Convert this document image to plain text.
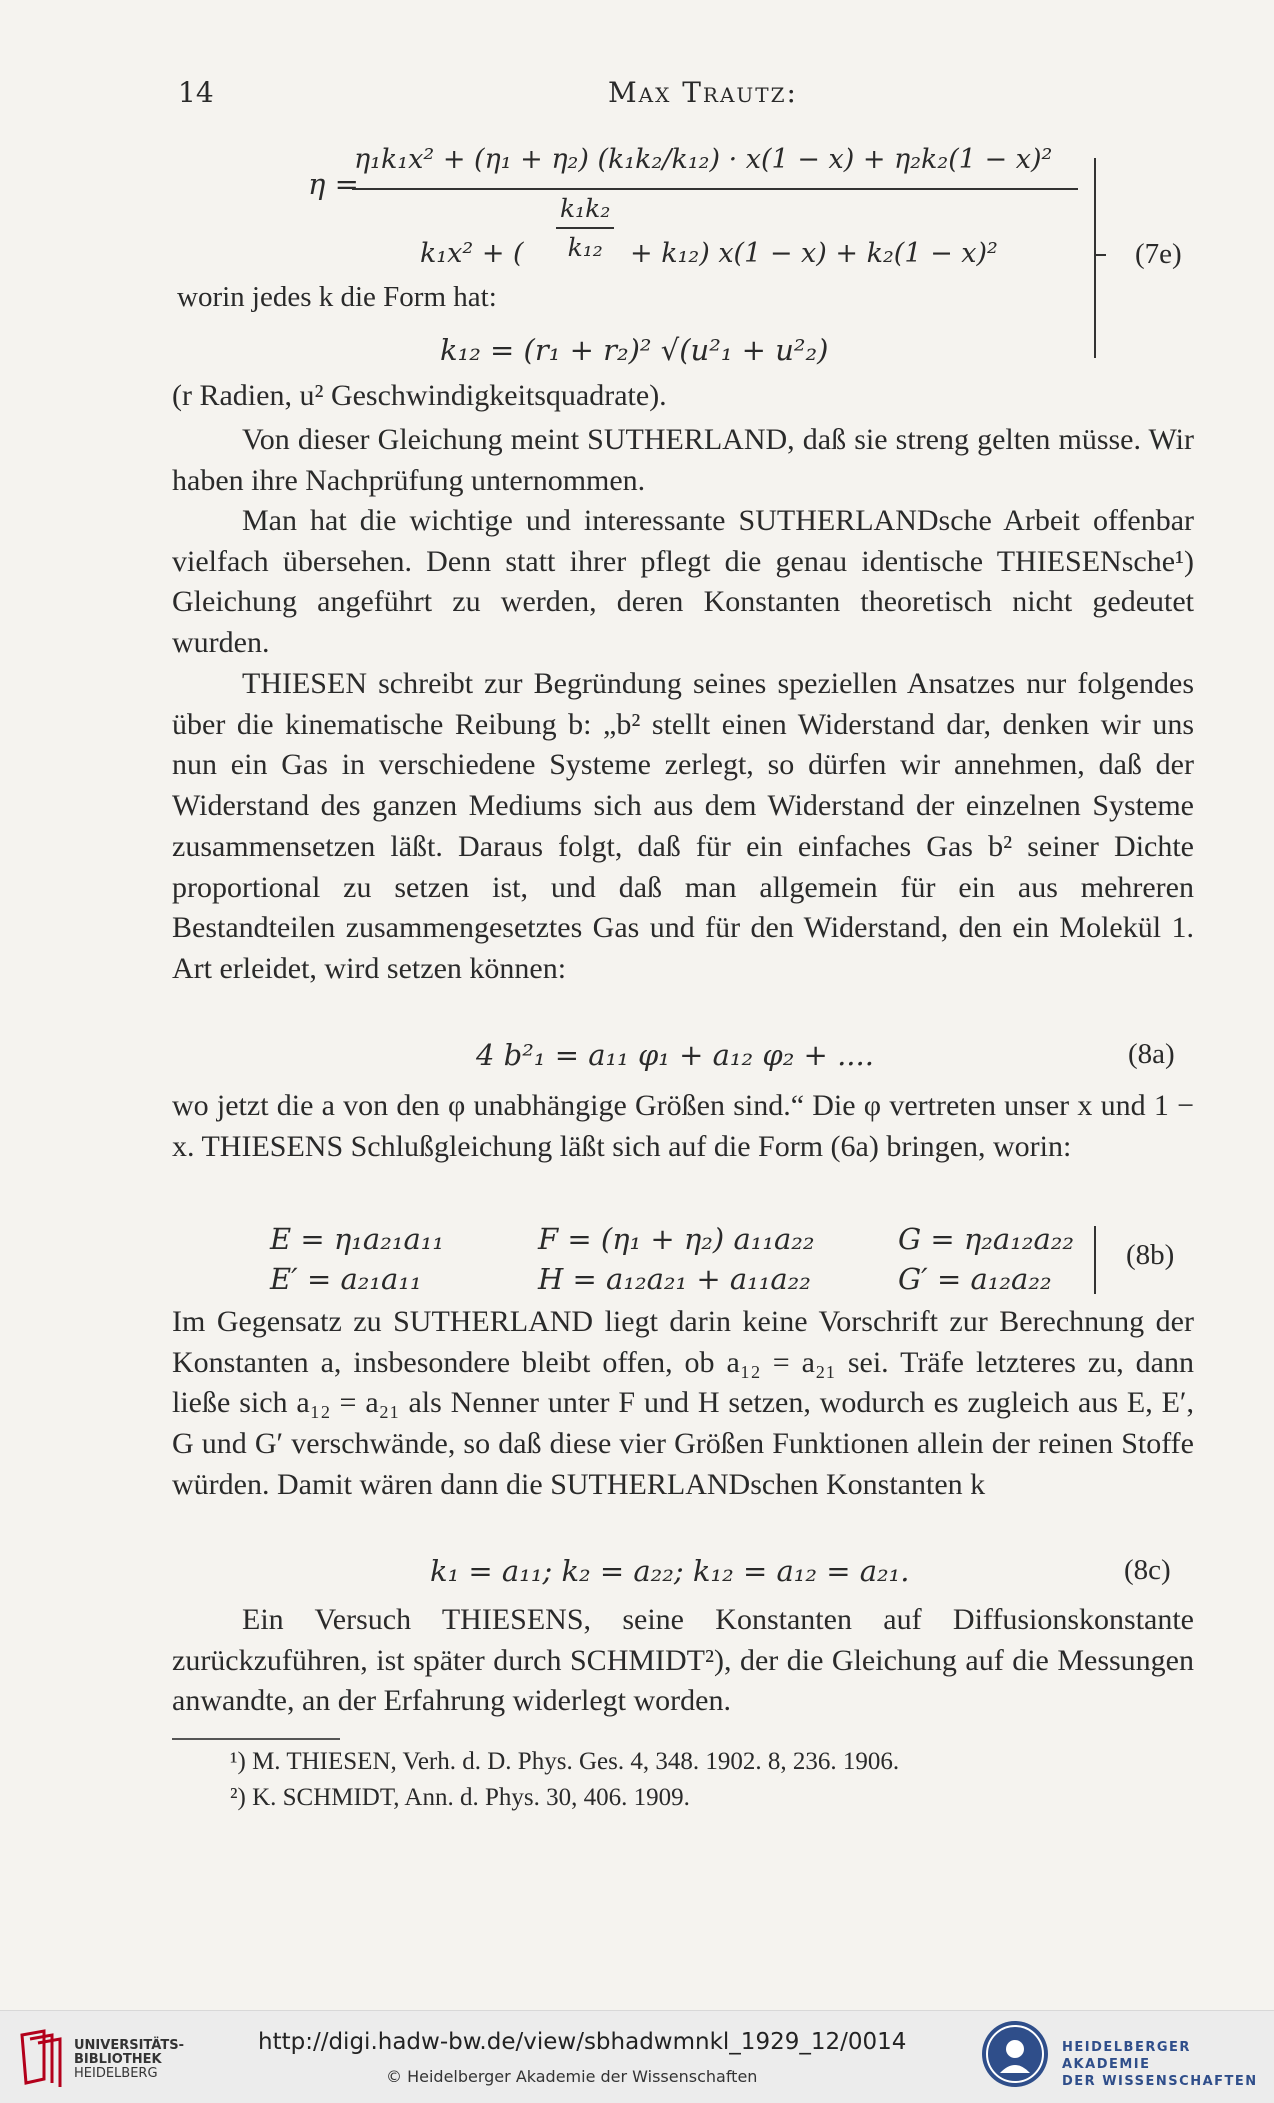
14	Max Trautz:
η =
η₁k₁x² + (η₁ + η₂) (k₁k₂/k₁₂) · x(1 − x) + η₂k₂(1 − x)²
k₁x² + ( $\frac{\text{k₁k₂}}{\text{k₁₂}} + k_{12}$) x(1 − x) + k₂(1 − x)²
worin jedes k die Form hat:
k₁₂ = (r₁ + r₂)² √(u²₁ + u²₂)
(7e)

(r Radien, u² Geschwindigkeitsquadrate).

Von dieser Gleichung meint SUTHERLAND, daß sie streng gelten müsse. Wir haben ihre Nachprüfung unternommen.

Man hat die wichtige und interessante SUTHERLANDsche Arbeit offenbar vielfach übersehen. Denn statt ihrer pflegt die genau identische THIESENsche¹) Gleichung angeführt zu werden, deren Konstanten theoretisch nicht gedeutet wurden.

THIESEN schreibt zur Begründung seines speziellen Ansatzes nur folgendes über die kinematische Reibung b: „b² stellt einen Widerstand dar, denken wir uns nun ein Gas in verschiedene Systeme zerlegt, so dürfen wir annehmen, daß der Widerstand des ganzen Mediums sich aus dem Widerstand der einzelnen Systeme zusammensetzen läßt. Daraus folgt, daß für ein einfaches Gas b² seiner Dichte proportional zu setzen ist, und daß man allgemein für ein aus mehreren Bestandteilen zusammengesetztes Gas und für den Widerstand, den ein Molekül 1. Art erleidet, wird setzen können:

4 b²₁ = a₁₁ φ₁ + a₁₂ φ₂ + ....	(8a)

wo jetzt die a von den φ unabhängige Größen sind.“ Die φ vertreten unser x und 1 − x. THIESENS Schlußgleichung läßt sich auf die Form (6a) bringen, worin:

E = η₁a₂₁a₁₁	F = (η₁ + η₂) a₁₁a₂₂	G = η₂a₁₂a₂₂
E′ = a₂₁a₁₁	H = a₁₂a₂₁ + a₁₁a₂₂	G′ = a₁₂a₂₂
(8b)

Im Gegensatz zu SUTHERLAND liegt darin keine Vorschrift zur Berechnung der Konstanten a, insbesondere bleibt offen, ob a₁₂ = a₂₁ sei. Träfe letzteres zu, dann ließe sich a₁₂ = a₂₁ als Nenner unter F und H setzen, wodurch es zugleich aus E, E′, G und G′ verschwände, so daß diese vier Größen Funktionen allein der reinen Stoffe würden. Damit wären dann die SUTHERLANDschen Konstanten k

k₁ = a₁₁; k₂ = a₂₂; k₁₂ = a₁₂ = a₂₁.	(8c)

Ein Versuch THIESENS, seine Konstanten auf Diffusionskonstante zurückzuführen, ist später durch SCHMIDT²), der die Gleichung auf die Messungen anwandte, an der Erfahrung widerlegt worden.

¹) M. THIESEN, Verh. d. D. Phys. Ges. 4, 348. 1902. 8, 236. 1906.
²) K. SCHMIDT, Ann. d. Phys. 30, 406. 1909.
UNIVERSITÄTS-
BIBLIOTHEK
HEIDELBERG
http://digi.hadw-bw.de/view/sbhadwmnkl_1929_12/0014
© Heidelberger Akademie der Wissenschaften
HEIDELBERGER AKADEMIE
DER WISSENSCHAFTEN
